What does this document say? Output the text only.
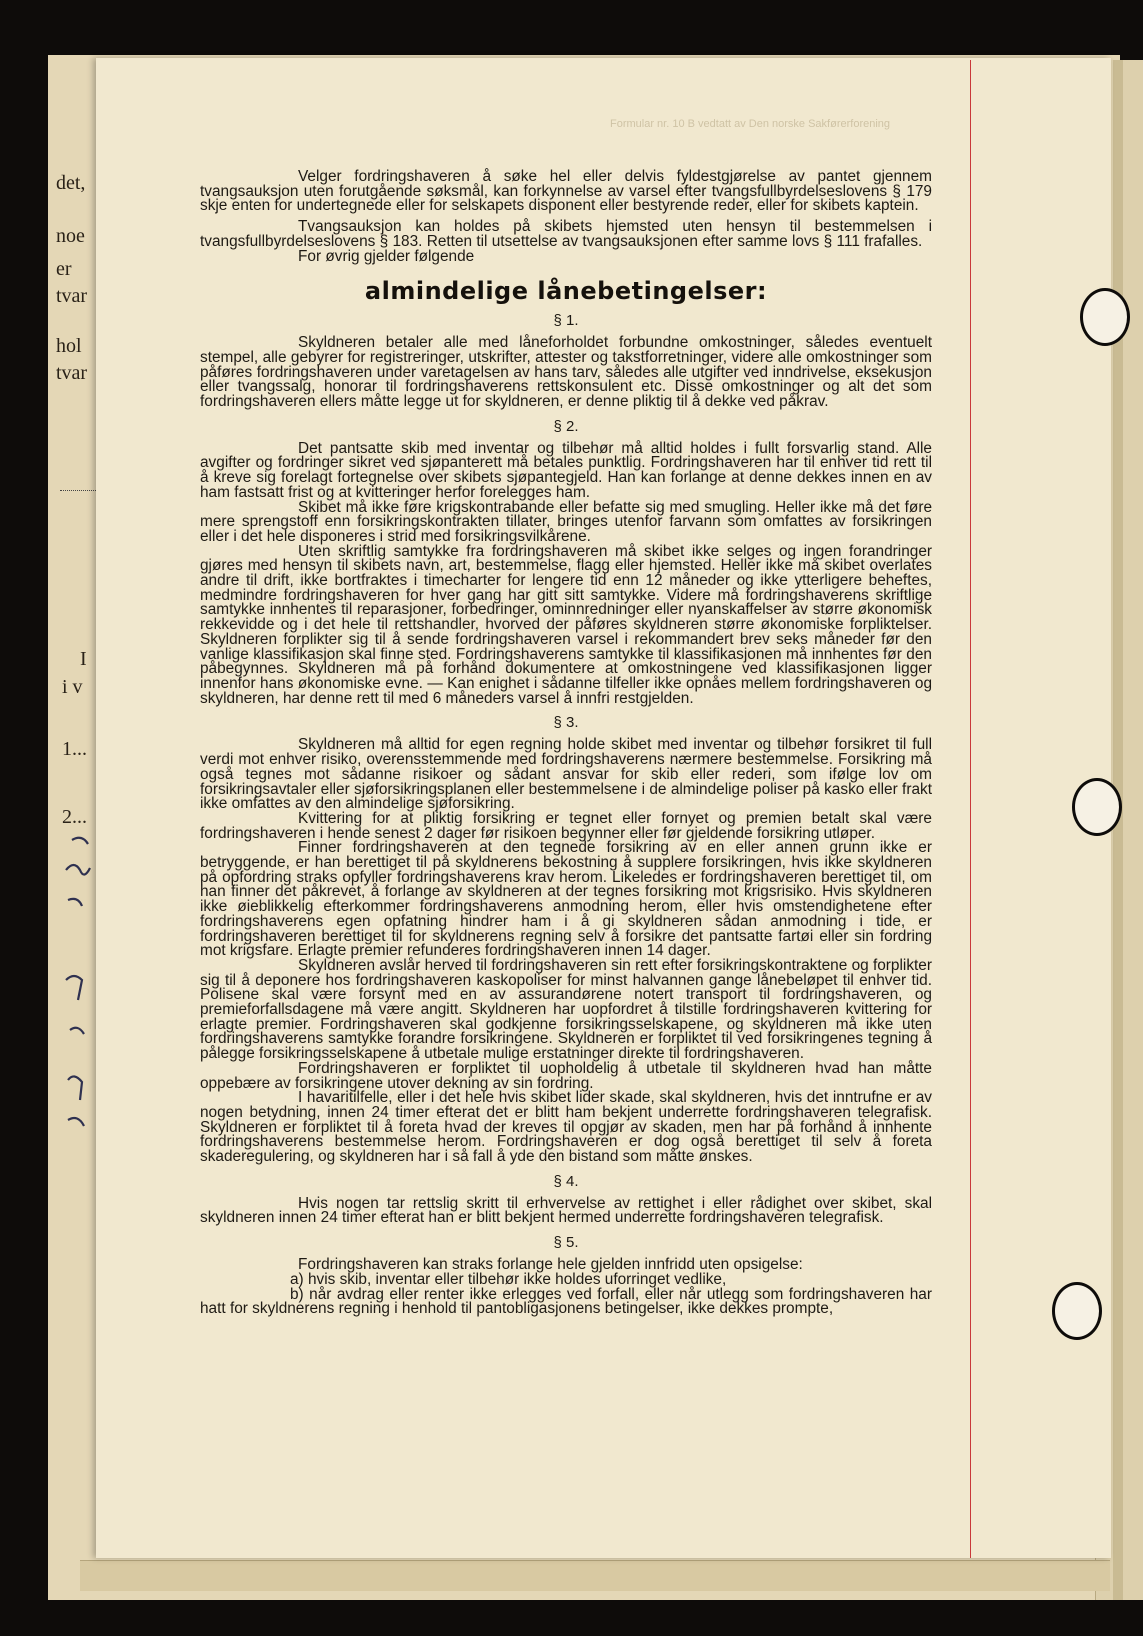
det,
noe
er
tvar
hol
tvar
I
i v
1...
2...
Formular nr. 10 B vedtatt av Den norske Sakførerforening

Velger fordringshaveren å søke hel eller delvis fyldestgjørelse av pantet gjennem tvangsauksjon uten forutgående søksmål, kan forkynnelse av varsel efter tvangsfullbyrdelseslovens § 179 skje enten for undertegnede eller for selskapets disponent eller bestyrende reder, eller for skibets kaptein.

Tvangsauksjon kan holdes på skibets hjemsted uten hensyn til bestemmelsen i tvangsfullbyrdelseslovens § 183. Retten til utsettelse av tvangsauksjonen efter samme lovs § 111 frafalles.

For øvrig gjelder følgende

almindelige lånebetingelser:
§ 1.

Skyldneren betaler alle med låneforholdet forbundne omkostninger, således eventuelt stempel, alle gebyrer for registreringer, utskrifter, attester og takstforretninger, videre alle omkostninger som påføres fordringshaveren under varetagelsen av hans tarv, således alle utgifter ved inndrivelse, eksekusjon eller tvangssalg, honorar til fordringshaverens rettskonsulent etc. Disse omkostninger og alt det som fordringshaveren ellers måtte legge ut for skyldneren, er denne pliktig til å dekke ved påkrav.

§ 2.

Det pantsatte skib med inventar og tilbehør må alltid holdes i fullt forsvarlig stand. Alle avgifter og fordringer sikret ved sjøpanterett må betales punktlig. Fordringshaveren har til enhver tid rett til å kreve sig forelagt fortegnelse over skibets sjøpantegjeld. Han kan forlange at denne dekkes innen en av ham fastsatt frist og at kvitteringer herfor forelegges ham.

Skibet må ikke føre krigskontrabande eller befatte sig med smugling. Heller ikke må det føre mere sprengstoff enn forsikringskontrakten tillater, bringes utenfor farvann som omfattes av forsikringen eller i det hele disponeres i strid med forsikringsvilkårene.

Uten skriftlig samtykke fra fordringshaveren må skibet ikke selges og ingen forandringer gjøres med hensyn til skibets navn, art, bestemmelse, flagg eller hjemsted. Heller ikke må skibet overlates andre til drift, ikke bortfraktes i timecharter for lengere tid enn 12 måneder og ikke ytterligere beheftes, medmindre fordringshaveren for hver gang har gitt sitt samtykke. Videre må fordringshaverens skriftlige samtykke innhentes til reparasjoner, forbedringer, ominnredninger eller nyanskaffelser av større økonomisk rekkevidde og i det hele til rettshandler, hvorved der påføres skyldneren større økonomiske forpliktelser. Skyldneren forplikter sig til å sende fordringshaveren varsel i rekommandert brev seks måneder før den vanlige klassifikasjon skal finne sted. Fordringshaverens samtykke til klassifikasjonen må innhentes før den påbegynnes. Skyldneren må på forhånd dokumentere at omkostningene ved klassifikasjonen ligger innenfor hans økonomiske evne. — Kan enighet i sådanne tilfeller ikke opnåes mellem fordringshaveren og skyldneren, har denne rett til med 6 måneders varsel å innfri restgjelden.

§ 3.

Skyldneren må alltid for egen regning holde skibet med inventar og tilbehør forsikret til full verdi mot enhver risiko, overensstemmende med fordringshaverens nærmere bestemmelse. Forsikring må også tegnes mot sådanne risikoer og sådant ansvar for skib eller rederi, som ifølge lov om forsikringsavtaler eller sjøforsikringsplanen eller bestemmelsene i de almindelige poliser på kasko eller frakt ikke omfattes av den almindelige sjøforsikring.

Kvittering for at pliktig forsikring er tegnet eller fornyet og premien betalt skal være fordringshaveren i hende senest 2 dager før risikoen begynner eller før gjeldende forsikring utløper.

Finner fordringshaveren at den tegnede forsikring av en eller annen grunn ikke er betryggende, er han berettiget til på skyldnerens bekostning å supplere forsikringen, hvis ikke skyldneren på opfordring straks opfyller fordringshaverens krav herom. Likeledes er fordringshaveren berettiget til, om han finner det påkrevet, å forlange av skyldneren at der tegnes forsikring mot krigsrisiko. Hvis skyldneren ikke øieblikkelig efterkommer fordringshaverens anmodning herom, eller hvis omstendighetene efter fordringshaverens egen opfatning hindrer ham i å gi skyldneren sådan anmodning i tide, er fordringshaveren berettiget til for skyldnerens regning selv å forsikre det pantsatte fartøi eller sin fordring mot krigsfare. Erlagte premier refunderes fordringshaveren innen 14 dager.

Skyldneren avslår herved til fordringshaveren sin rett efter forsikringskontraktene og forplikter sig til å deponere hos fordringshaveren kaskopoliser for minst halvannen gange lånebeløpet til enhver tid. Polisene skal være forsynt med en av assurandørene notert transport til fordringshaveren, og premieforfallsdagene må være angitt. Skyldneren har uopfordret å tilstille fordringshaveren kvittering for erlagte premier. Fordringshaveren skal godkjenne forsikringsselskapene, og skyldneren må ikke uten fordringshaverens samtykke forandre forsikringene. Skyldneren er forpliktet til ved forsikringenes tegning å pålegge forsikringsselskapene å utbetale mulige erstatninger direkte til fordringshaveren.

Fordringshaveren er forpliktet til uopholdelig å utbetale til skyldneren hvad han måtte oppebære av forsikringene utover dekning av sin fordring.

I havaritilfelle, eller i det hele hvis skibet lider skade, skal skyldneren, hvis det inntrufne er av nogen betydning, innen 24 timer efterat det er blitt ham bekjent underrette fordringshaveren telegrafisk. Skyldneren er forpliktet til å foreta hvad der kreves til opgjør av skaden, men har på forhånd å innhente fordringshaverens bestemmelse herom. Fordringshaveren er dog også berettiget til selv å foreta skaderegulering, og skyldneren har i så fall å yde den bistand som måtte ønskes.

§ 4.

Hvis nogen tar rettslig skritt til erhvervelse av rettighet i eller rådighet over skibet, skal skyldneren innen 24 timer efterat han er blitt bekjent hermed underrette fordringshaveren telegrafisk.

§ 5.

Fordringshaveren kan straks forlange hele gjelden innfridd uten opsigelse:

a) hvis skib, inventar eller tilbehør ikke holdes uforringet vedlike,

b) når avdrag eller renter ikke erlegges ved forfall, eller når utlegg som fordringshaveren har hatt for skyldnerens regning i henhold til pantobligasjonens betingelser, ikke dekkes prompte,
